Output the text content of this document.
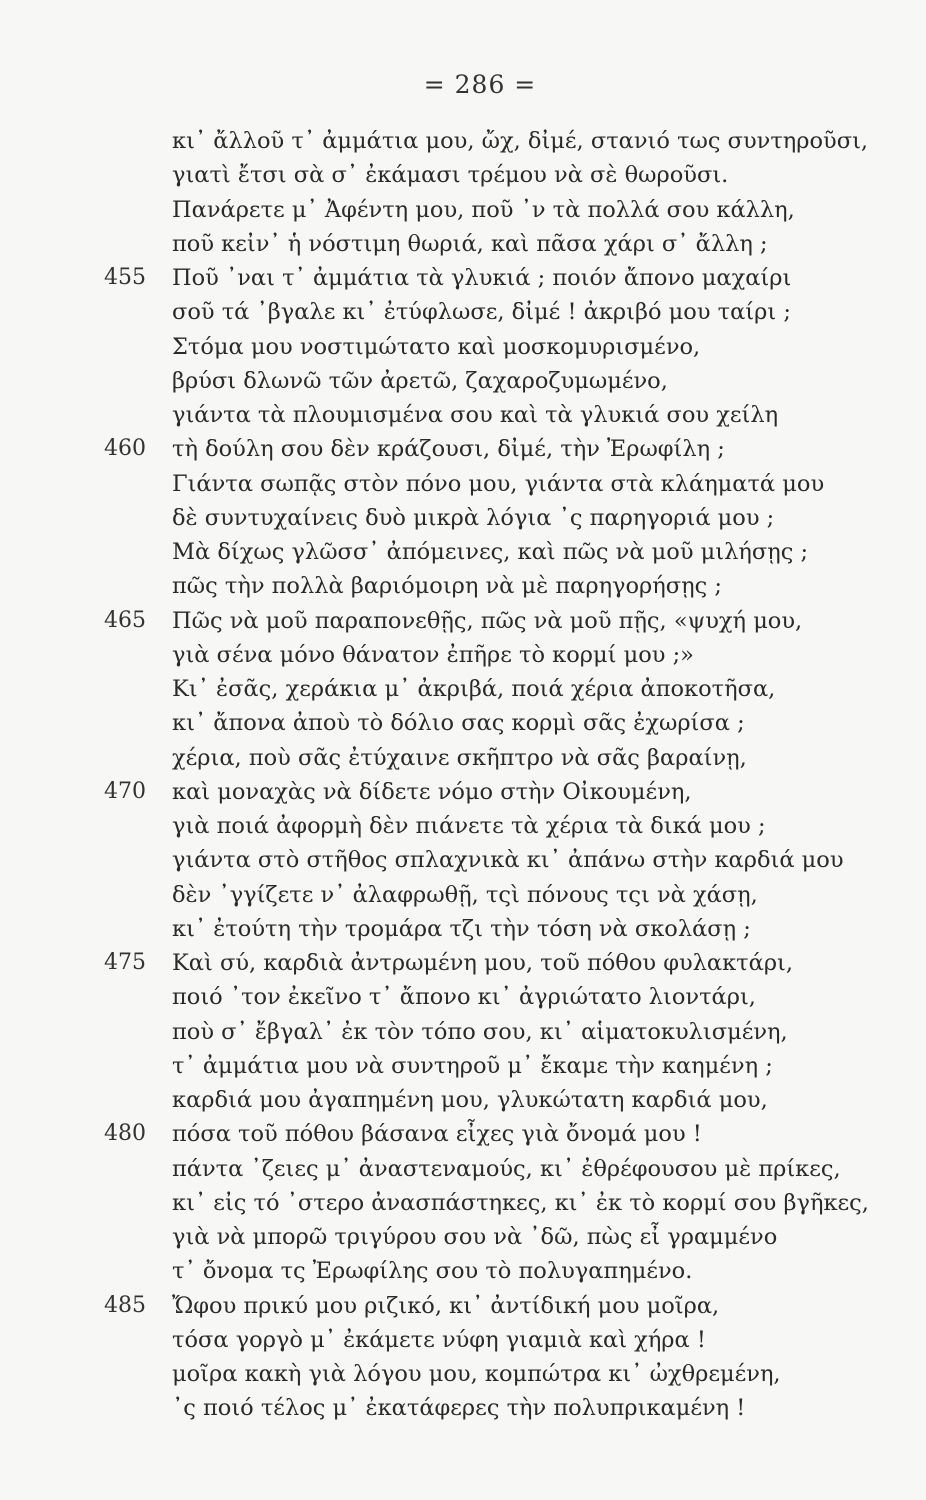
= 286 =
κι᾽ ἄλλοῦ τ᾽ ἀμμάτια μου, ὤχ, δἰμέ, στανιό τως συντηροῦσι,
γιατὶ ἔτσι σὰ σ᾽ ἐκάμασι τρέμου νὰ σὲ θωροῦσι.
Πανάρετε μ᾽ Ἀφέντη μου, ποῦ ᾽ν τὰ πολλά σου κάλλη,
ποῦ κεἰν᾽ ἡ νόστιμη θωριά, καὶ πᾶσα χάρι σ᾽ ἄλλη ;
455 Ποῦ ᾽ναι τ᾽ ἀμμάτια τὰ γλυκιά ; ποιόν ἄπονο μαχαίρι
σοῦ τά ᾽βγαλε κι᾽ ἐτύφλωσε, δἰμέ ! ἀκριβό μου ταίρι ;
Στόμα μου νοστιμώτατο καὶ μοσκομυρισμένο,
βρύσι δλωνῶ τῶν ἀρετῶ, ζαχαροζυμωμένο,
γιάντα τὰ πλουμισμένα σου καὶ τὰ γλυκιά σου χείλη
460 τὴ δούλη σου δὲν κράζουσι, δἰμέ, τὴν Ἐρωφίλη ;
Γιάντα σωπᾷς στὸν πόνο μου, γιάντα στὰ κλάηματά μου
δὲ συντυχαίνεις δυὸ μικρὰ λόγια ᾽ς παρηγοριά μου ;
Μὰ δίχως γλῶσσ᾽ ἀπόμεινες, καὶ πῶς νὰ μοῦ μιλήσῃς ;
πῶς τὴν πολλὰ βαριόμοιρη νὰ μὲ παρηγορήσῃς ;
465 Πῶς νὰ μοῦ παραπονεθῇς, πῶς νὰ μοῦ πῇς, «ψυχή μου,
γιὰ σένα μόνο θάνατον ἐπῆρε τὸ κορμί μου ;»
Κι᾽ ἐσᾶς, χεράκια μ᾽ ἀκριβά, ποιά χέρια ἀποκοτῆσα,
κι᾽ ἄπονα ἀποὺ τὸ δόλιο σας κορμὶ σᾶς ἐχωρίσα ;
χέρια, ποὺ σᾶς ἐτύχαινε σκῆπτρο νὰ σᾶς βαραίνῃ,
470 καὶ μοναχὰς νὰ δίδετε νόμο στὴν Οἰκουμένη,
γιὰ ποιά ἀφορμὴ δὲν πιάνετε τὰ χέρια τὰ δικά μου ;
γιάντα στὸ στῆθος σπλαχνικὰ κι᾽ ἀπάνω στὴν καρδιά μου
δὲν ᾽γγίζετε ν᾽ ἀλαφρωθῇ, τςὶ πόνους τςι νὰ χάσῃ,
κι᾽ ἐτούτη τὴν τρομάρα τζι τὴν τόση νὰ σκολάσῃ ;
475 Καὶ σύ, καρδιὰ ἀντρωμένη μου, τοῦ πόθου φυλακτάρι,
ποιό ᾽τον ἐκεῖνο τ᾽ ἄπονο κι᾽ ἀγριώτατο λιοντάρι,
ποὺ σ᾽ ἔβγαλ᾽ ἐκ τὸν τόπο σου, κι᾽ αἱματοκυλισμένη,
τ᾽ ἀμμάτια μου νὰ συντηροῦ μ᾽ ἔκαμε τὴν καημένη ;
καρδιά μου ἀγαπημένη μου, γλυκώτατη καρδιά μου,
480 πόσα τοῦ πόθου βάσανα εἶχες γιὰ ὄνομά μου !
πάντα ᾽ζειες μ᾽ ἀναστεναμούς, κι᾽ ἐθρέφουσου μὲ πρίκες,
κι᾽ εἰς τό ᾽στερο ἀνασπάστηκες, κι᾽ ἐκ τὸ κορμί σου βγῆκες,
γιὰ νὰ μπορῶ τριγύρου σου νὰ ᾽δῶ, πὼς εἶ γραμμένο
τ᾽ ὄνομα τς Ἐρωφίλης σου τὸ πολυγαπημένο.
485 Ὤφου πρικύ μου ριζικό, κι᾽ ἀντίδική μου μοῖρα,
τόσα γοργὸ μ᾽ ἐκάμετε νύφη γιαμιὰ καὶ χήρα !
μοῖρα κακὴ γιὰ λόγου μου, κομπώτρα κι᾽ ὠχθρεμένη,
᾽ς ποιό τέλος μ᾽ ἐκατάφερες τὴν πολυπρικαμένη !
